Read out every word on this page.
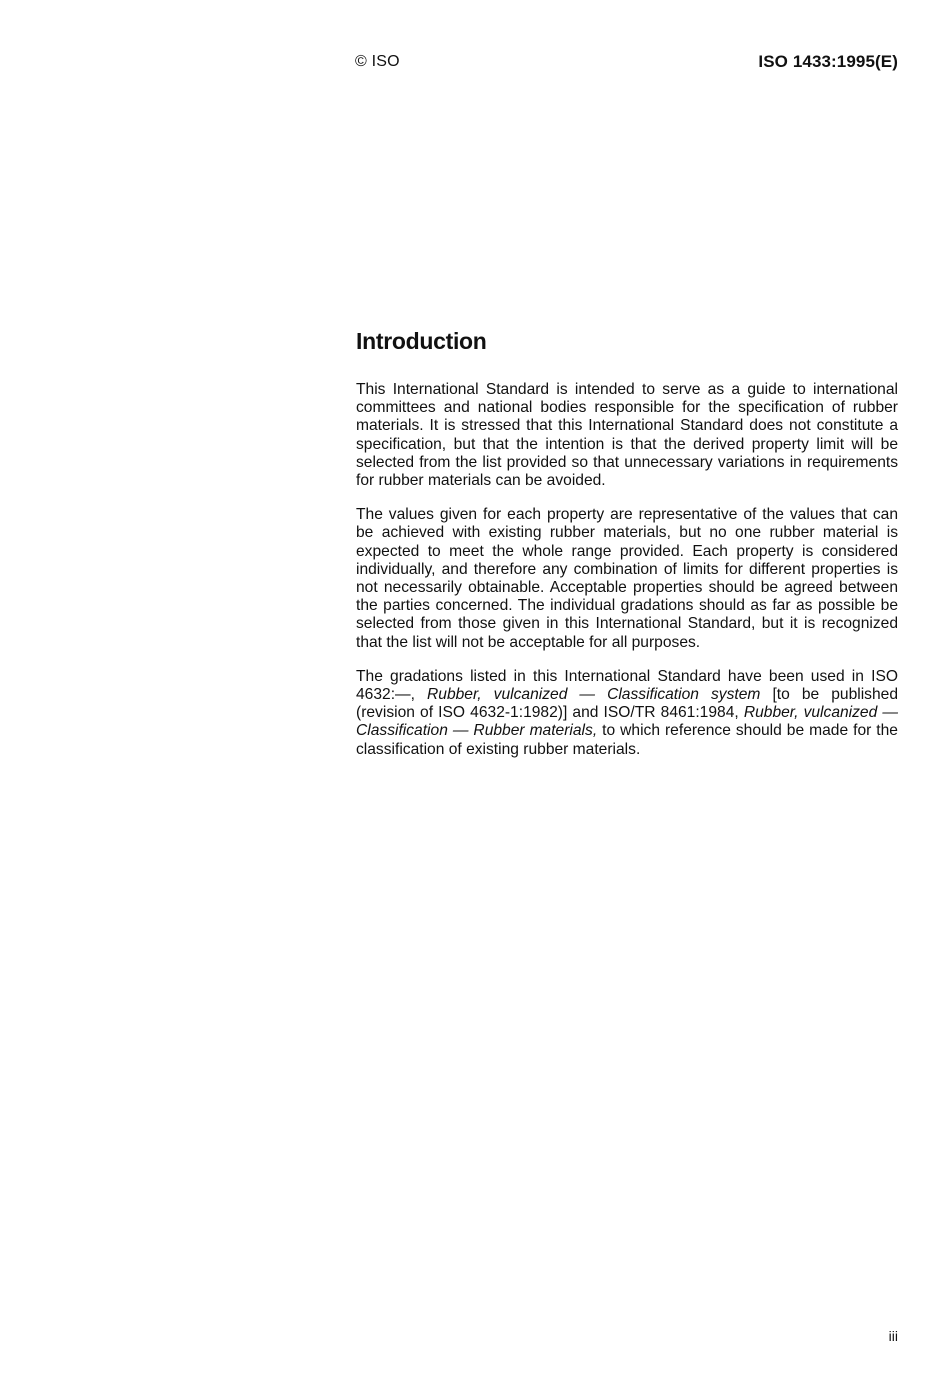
© ISO	ISO 1433:1995(E)
Introduction

This International Standard is intended to serve as a guide to international committees and national bodies responsible for the specification of rubber materials. It is stressed that this International Standard does not constitute a specification, but that the intention is that the derived property limit will be selected from the list provided so that unnecessary variations in requirements for rubber materials can be avoided.

The values given for each property are representative of the values that can be achieved with existing rubber materials, but no one rubber material is expected to meet the whole range provided. Each property is considered individually, and therefore any combination of limits for different properties is not necessarily obtainable. Acceptable properties should be agreed between the parties concerned. The individual gradations should as far as possible be selected from those given in this International Standard, but it is recognized that the list will not be acceptable for all purposes.

The gradations listed in this International Standard have been used in ISO 4632:—, Rubber, vulcanized — Classification system [to be published (revision of ISO 4632-1:1982)] and ISO/TR 8461:1984, Rubber, vulcanized — Classification — Rubber materials, to which reference should be made for the classification of existing rubber materials.

iii
